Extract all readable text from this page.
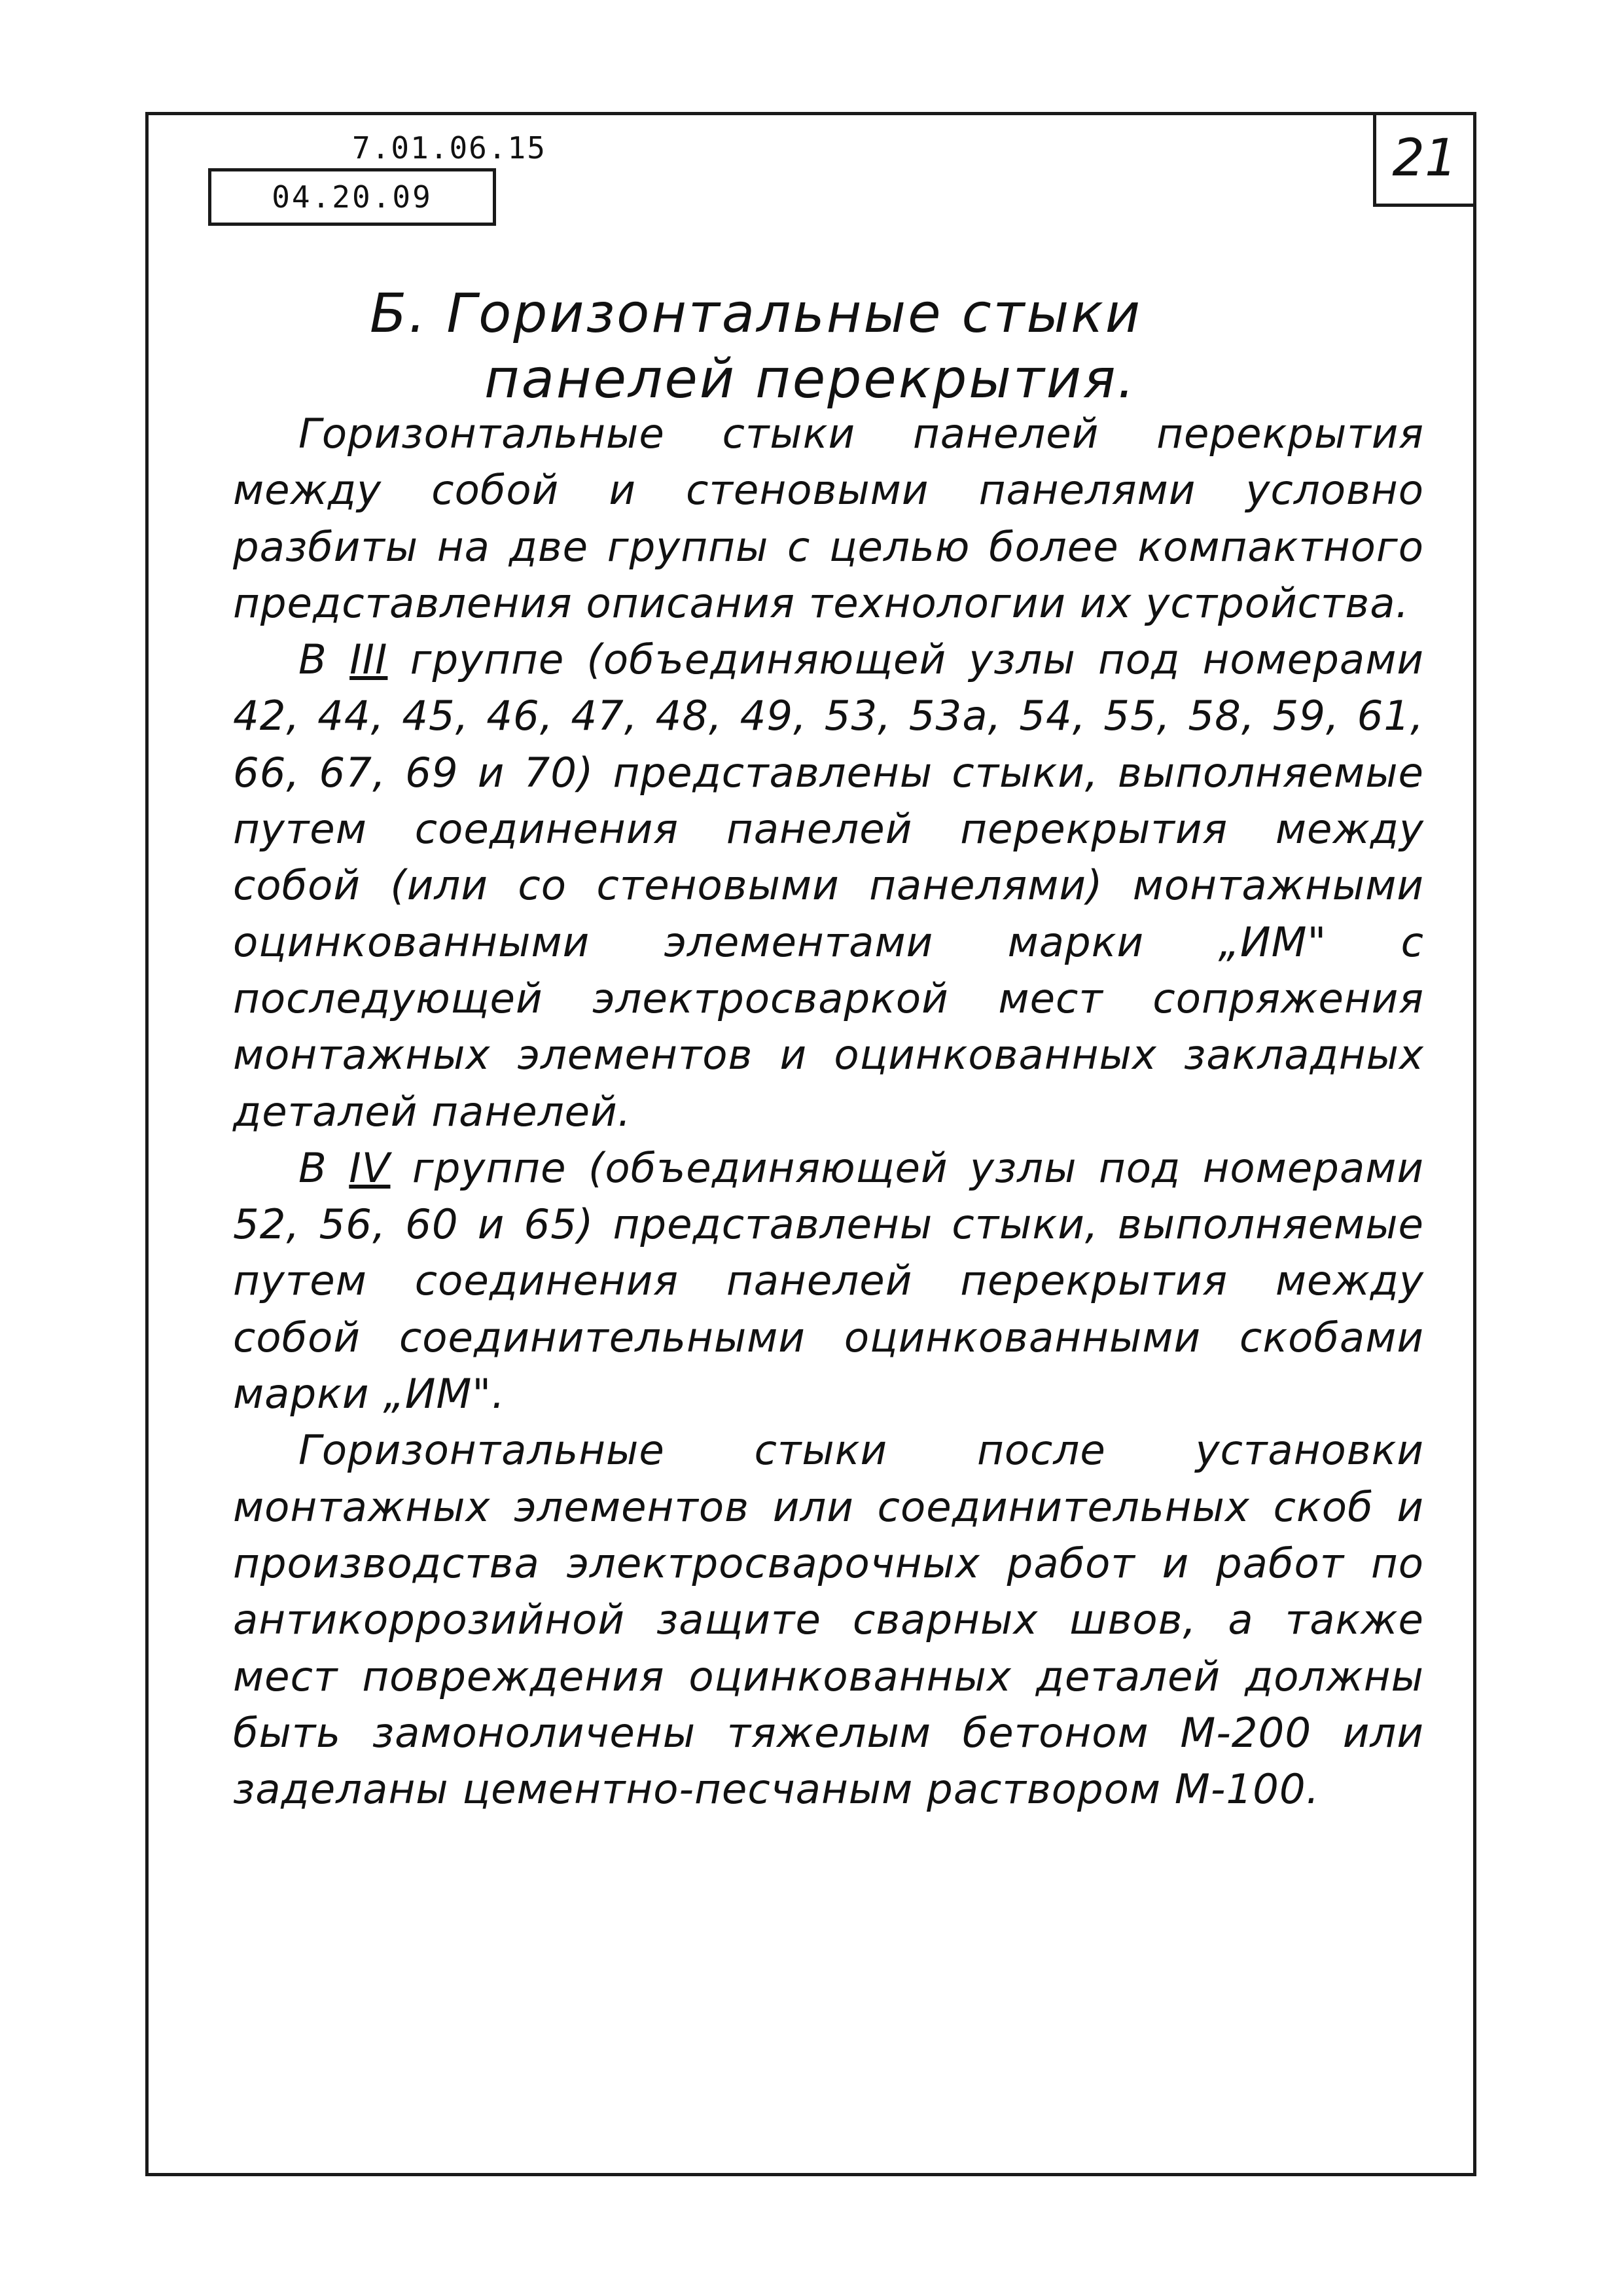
21
7.01.06.15
04.20.09
Б. Горизонтальные стыки
панелей перекрытия.

Горизонтальные стыки панелей перекрытия между собой и стеновыми панелями условно разбиты на две группы с целью более компактного представления описания технологии их устройства.

В III группе (объединяющей узлы под номерами 42, 44, 45, 46, 47, 48, 49, 53, 53а, 54, 55, 58, 59, 61, 66, 67, 69 и 70) представлены стыки, выполняемые путем соединения панелей перекрытия между собой (или со стеновыми панелями) монтажными оцинкованными элементами марки „ИМ" с последующей электросваркой мест сопряжения монтажных элементов и оцинкованных закладных деталей панелей.

В IV группе (объединяющей узлы под номерами 52, 56, 60 и 65) представлены стыки, выполняемые путем соединения панелей перекрытия между собой соединительными оцинкованными скобами марки „ИМ".

Горизонтальные стыки после установки монтажных элементов или соединительных скоб и производства электросварочных работ и работ по антикоррозийной защите сварных швов, а также мест повреждения оцинкованных деталей должны быть замоноличены тяжелым бетоном М-200 или заделаны цементно-песчаным раствором М-100.
